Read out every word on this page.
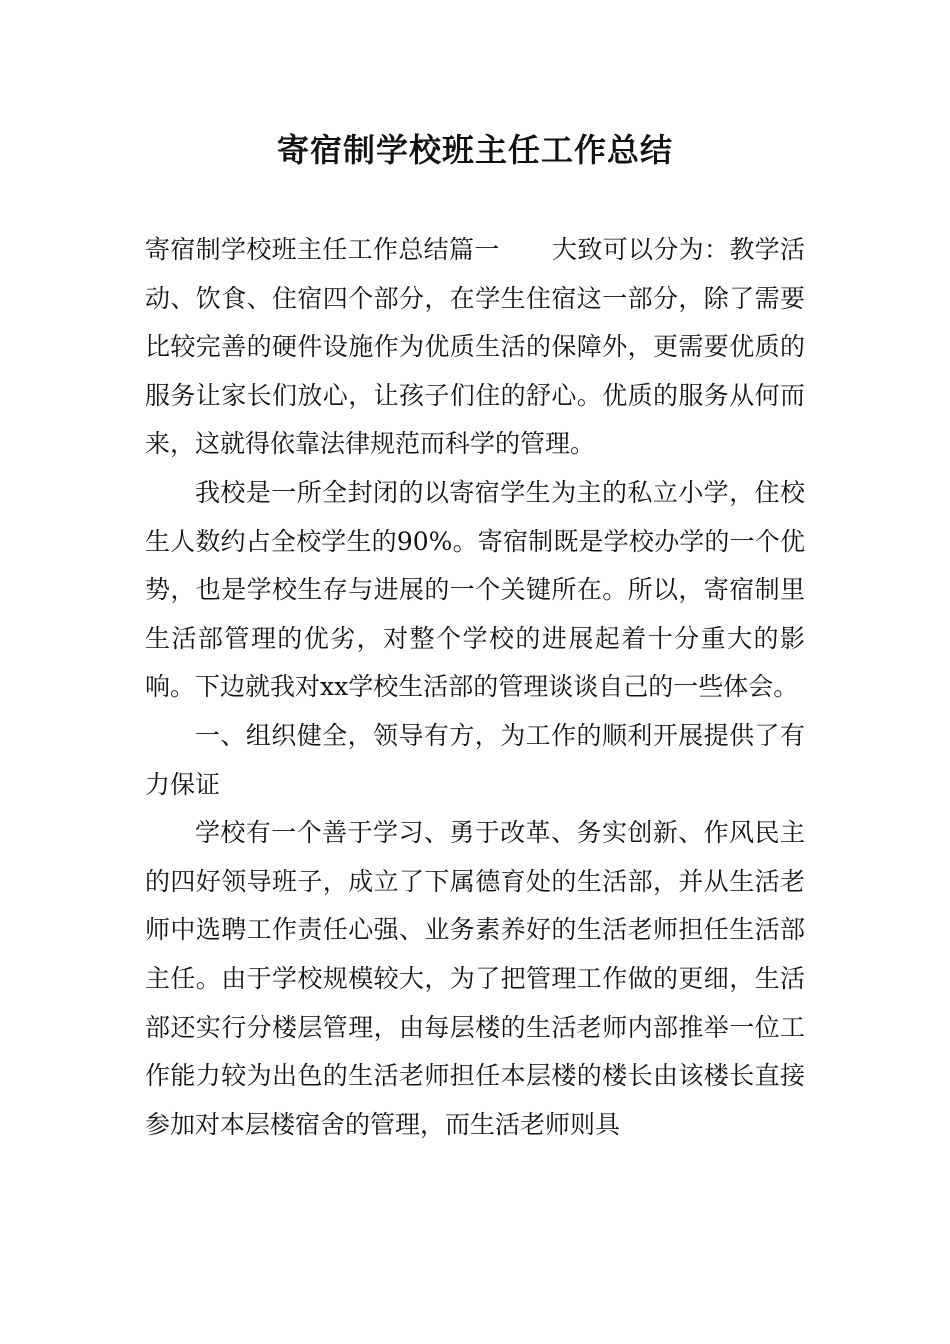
寄宿制学校班主任工作总结

寄宿制学校班主任工作总结篇一 大致可以分为：教学活动、饮食、住宿四个部分，在学生住宿这一部分，除了需要比较完善的硬件设施作为优质生活的保障外，更需要优质的服务让家长们放心，让孩子们住的舒心。优质的服务从何而来，这就得依靠法律规范而科学的管理。

我校是一所全封闭的以寄宿学生为主的私立小学，住校生人数约占全校学生的90%。寄宿制既是学校办学的一个优势，也是学校生存与进展的一个关键所在。所以，寄宿制里生活部管理的优劣，对整个学校的进展起着十分重大的影响。下边就我对xx学校生活部的管理谈谈自己的一些体会。

一、组织健全，领导有方，为工作的顺利开展提供了有力保证

学校有一个善于学习、勇于改革、务实创新、作风民主的四好领导班子，成立了下属德育处的生活部，并从生活老师中选聘工作责任心强、业务素养好的生活老师担任生活部主任。由于学校规模较大，为了把管理工作做的更细，生活部还实行分楼层管理，由每层楼的生活老师内部推举一位工作能力较为出色的生活老师担任本层楼的楼长由该楼长直接参加对本层楼宿舍的管理，而生活老师则具
